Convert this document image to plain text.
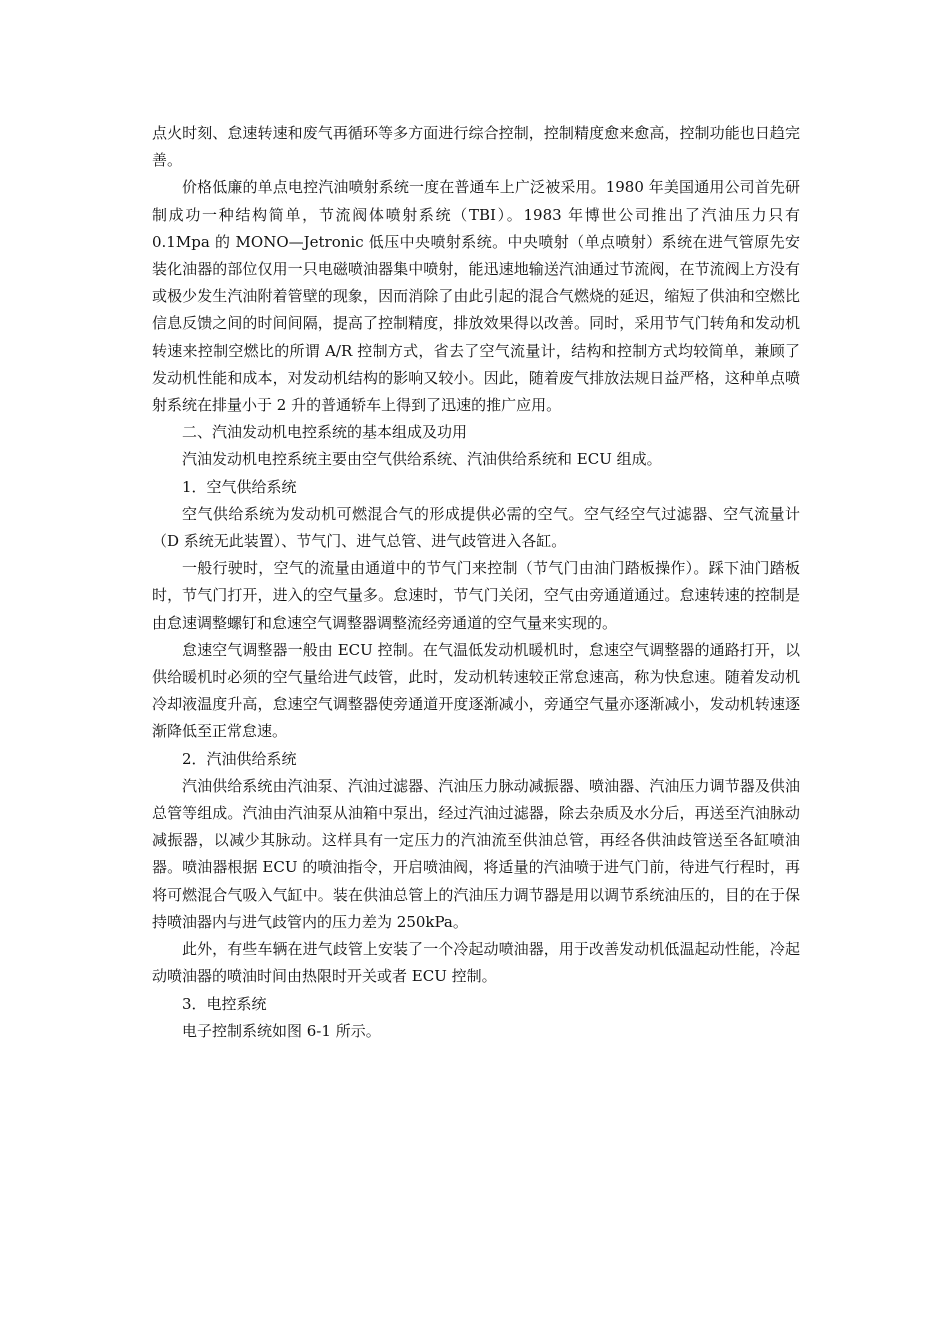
点火时刻、怠速转速和废气再循环等多方面进行综合控制，控制精度愈来愈高，控制功能也日趋完善。

价格低廉的单点电控汽油喷射系统一度在普通车上广泛被采用。1980 年美国通用公司首先研制成功一种结构简单，节流阀体喷射系统（TBI）。1983 年博世公司推出了汽油压力只有 0.1Mpa 的 MONO—Jetronic 低压中央喷射系统。中央喷射（单点喷射）系统在进气管原先安装化油器的部位仅用一只电磁喷油器集中喷射，能迅速地输送汽油通过节流阀，在节流阀上方没有或极少发生汽油附着管壁的现象，因而消除了由此引起的混合气燃烧的延迟，缩短了供油和空燃比信息反馈之间的时间间隔，提高了控制精度，排放效果得以改善。同时，采用节气门转角和发动机转速来控制空燃比的所谓 A/R 控制方式，省去了空气流量计，结构和控制方式均较简单，兼顾了发动机性能和成本，对发动机结构的影响又较小。因此，随着废气排放法规日益严格，这种单点喷射系统在排量小于 2 升的普通轿车上得到了迅速的推广应用。

二、汽油发动机电控系统的基本组成及功用

汽油发动机电控系统主要由空气供给系统、汽油供给系统和 ECU 组成。

1．空气供给系统

空气供给系统为发动机可燃混合气的形成提供必需的空气。空气经空气过滤器、空气流量计（D 系统无此装置）、节气门、进气总管、进气歧管进入各缸。

一般行驶时，空气的流量由通道中的节气门来控制（节气门由油门踏板操作）。踩下油门踏板时，节气门打开，进入的空气量多。怠速时，节气门关闭，空气由旁通道通过。怠速转速的控制是由怠速调整螺钉和怠速空气调整器调整流经旁通道的空气量来实现的。

怠速空气调整器一般由 ECU 控制。在气温低发动机暖机时，怠速空气调整器的通路打开，以供给暖机时必须的空气量给进气歧管，此时，发动机转速较正常怠速高，称为快怠速。随着发动机冷却液温度升高，怠速空气调整器使旁通道开度逐渐减小，旁通空气量亦逐渐减小，发动机转速逐渐降低至正常怠速。

2．汽油供给系统

汽油供给系统由汽油泵、汽油过滤器、汽油压力脉动减振器、喷油器、汽油压力调节器及供油总管等组成。汽油由汽油泵从油箱中泵出，经过汽油过滤器，除去杂质及水分后，再送至汽油脉动减振器，以减少其脉动。这样具有一定压力的汽油流至供油总管，再经各供油歧管送至各缸喷油器。喷油器根据 ECU 的喷油指令，开启喷油阀，将适量的汽油喷于进气门前，待进气行程时，再将可燃混合气吸入气缸中。装在供油总管上的汽油压力调节器是用以调节系统油压的，目的在于保持喷油器内与进气歧管内的压力差为 250kPa。

此外，有些车辆在进气歧管上安装了一个冷起动喷油器，用于改善发动机低温起动性能，冷起动喷油器的喷油时间由热限时开关或者 ECU 控制。

3．电控系统

电子控制系统如图 6-1 所示。
